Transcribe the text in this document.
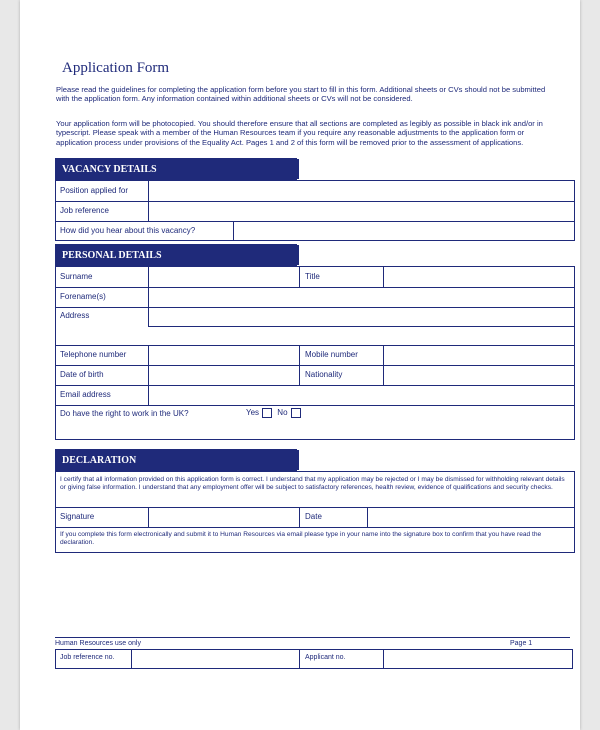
Application Form
Please read the guidelines for completing the application form before you start to fill in this form. Additional sheets or CVs should not be submitted with the application form. Any information contained within additional sheets or CVs will not be considered.
Your application form will be photocopied. You should therefore ensure that all sections are completed as legibly as possible in black ink and/or in typescript. Please speak with a member of the Human Resources team if you require any reasonable adjustments to the application form or application process under provisions of the Equality Act. Pages 1 and 2 of this form will be removed prior to the assessment of applications.
VACANCY DETAILS
Position applied for
Job reference
How did you hear about this vacancy?
PERSONAL DETAILS
Surname	Title
Forename(s)
Address
Telephone number	Mobile number
Date of birth	Nationality
Email address
Do have the right to work in the UK?	Yes No
DECLARATION
I certify that all information provided on this application form is correct. I understand that my application may be rejected or I may be dismissed for withholding relevant details or giving false information. I understand that any employment offer will be subject to satisfactory references, health review, evidence of qualifications and security checks.
Signature	Date
If you complete this form electronically and submit it to Human Resources via email please type in your name into the signature box to confirm that you have read the declaration.
Human Resources use only	Page 1
Job reference no.	Applicant no.
